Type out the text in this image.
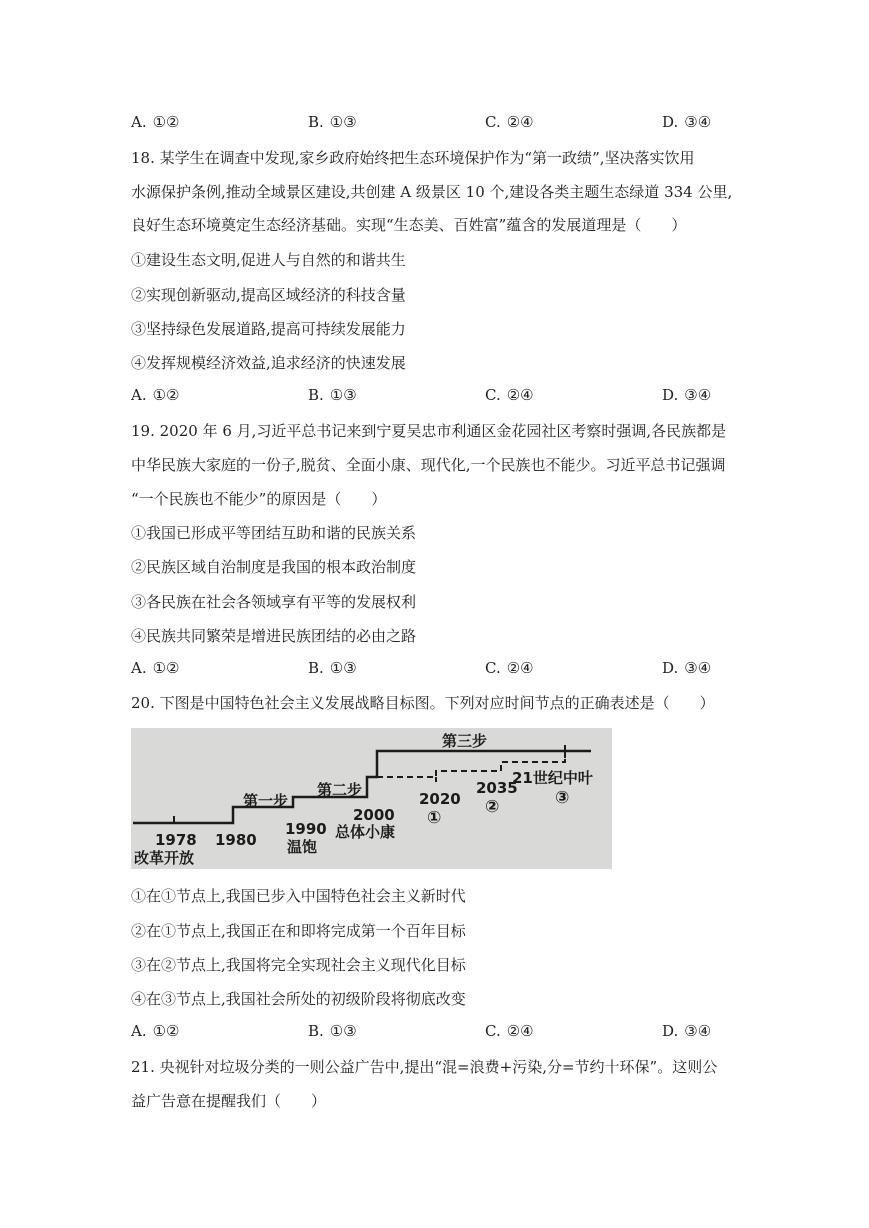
A. ①②	B. ①③	C. ②④	D. ③④
18. 某学生在调查中发现,家乡政府始终把生态环境保护作为“第一政绩”,坚决落实饮用
水源保护条例,推动全域景区建设,共创建 A 级景区 10 个,建设各类主题生态绿道 334 公里,
良好生态环境奠定生态经济基础。实现“生态美、百姓富”蕴含的发展道理是（　　）
①建设生态文明,促进人与自然的和谐共生
②实现创新驱动,提高区域经济的科技含量
③坚持绿色发展道路,提高可持续发展能力
④发挥规模经济效益,追求经济的快速发展
A. ①②	B. ①③	C. ②④	D. ③④
19. 2020 年 6 月,习近平总书记来到宁夏吴忠市利通区金花园社区考察时强调,各民族都是
中华民族大家庭的一份子,脱贫、全面小康、现代化,一个民族也不能少。习近平总书记强调
“一个民族也不能少”的原因是（　　）
①我国已形成平等团结互助和谐的民族关系
②民族区域自治制度是我国的根本政治制度
③各民族在社会各领域享有平等的发展权利
④民族共同繁荣是增进民族团结的必由之路
A. ①②	B. ①③	C. ②④	D. ③④
20. 下图是中国特色社会主义发展战略目标图。下列对应时间节点的正确表述是（　　）
第三步
第二步
第一步
1978
改革开放
1980
1990
温饱
2000
总体小康
2020
①
2035
②
21世纪中叶
③
①在①节点上,我国已步入中国特色社会主义新时代
②在①节点上,我国正在和即将完成第一个百年目标
③在②节点上,我国将完全实现社会主义现代化目标
④在③节点上,我国社会所处的初级阶段将彻底改变
A. ①②	B. ①③	C. ②④	D. ③④
21. 央视针对垃圾分类的一则公益广告中,提出“混=浪费+污染,分=节约十环保”。这则公
益广告意在提醒我们（　　）
